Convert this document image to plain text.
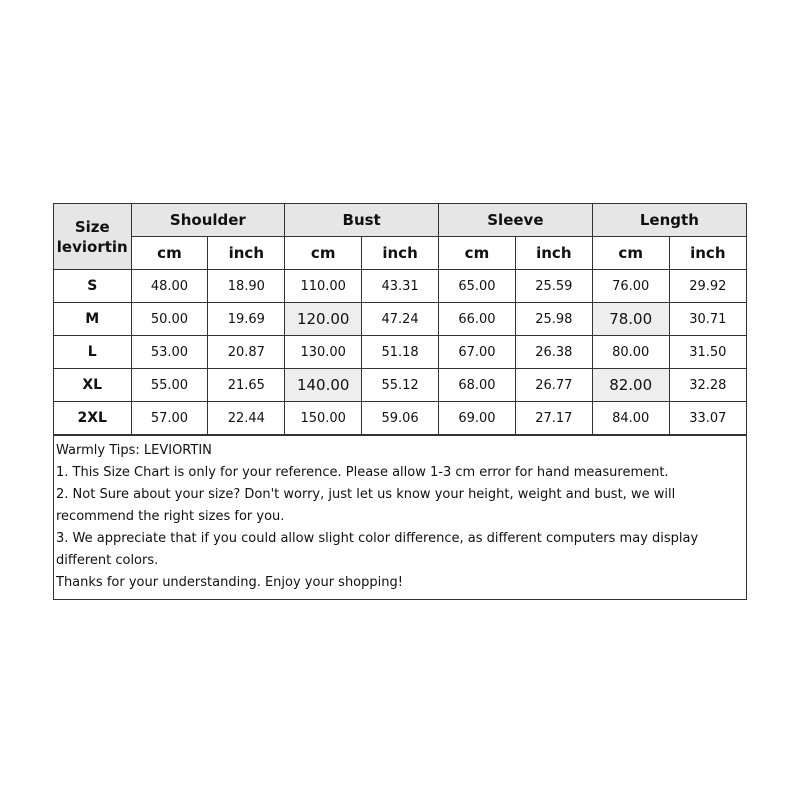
Size
leviortin	Shoulder		Bust		Sleeve		Length	
	cm	inch	cm	inch	cm	inch	cm	inch
S	48.00	18.90	110.00	43.31	65.00	25.59	76.00	29.92
M	50.00	19.69	120.00	47.24	66.00	25.98	78.00	30.71
L	53.00	20.87	130.00	51.18	67.00	26.38	80.00	31.50
XL	55.00	21.65	140.00	55.12	68.00	26.77	82.00	32.28
2XL	57.00	22.44	150.00	59.06	69.00	27.17	84.00	33.07
Warmly Tips: LEVIORTIN
1. This Size Chart is only for your reference. Please allow 1-3 cm error for hand measurement.
2. Not Sure about your size? Don't worry, just let us know your height, weight and bust, we will
recommend the right sizes for you.
3. We appreciate that if you could allow slight color difference, as different computers may display
different colors.
Thanks for your understanding. Enjoy your shopping!
